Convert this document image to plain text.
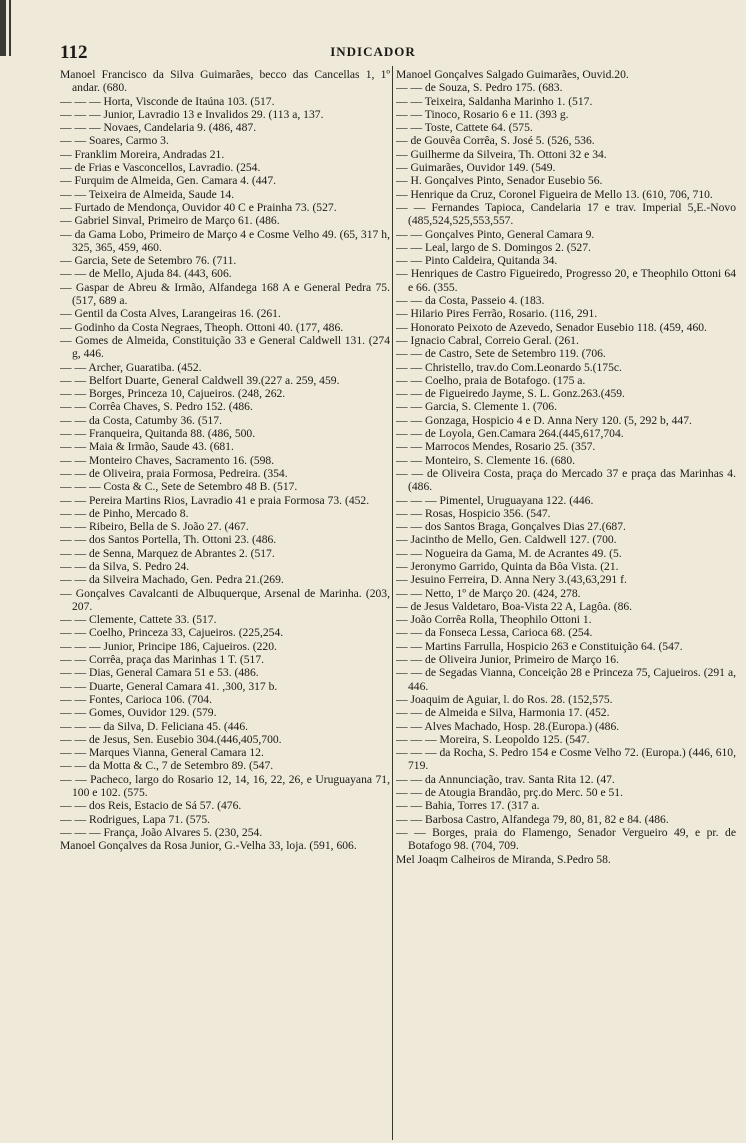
112	INDICADOR
Manoel Francisco da Silva Guimarães, becco das Cancellas 1, 1º andar. (680.
— — — Horta, Visconde de Itaúna 103. (517.
— — — Junior, Lavradio 13 e Invalidos 29. (113 a, 137.
— — — Novaes, Candelaria 9. (486, 487.
— — Soares, Carmo 3.
— Franklim Moreira, Andradas 21.
— de Frias e Vasconcellos, Lavradio. (254.
— Furquim de Almeida, Gen. Camara 4. (447.
— — Teixeira de Almeida, Saude 14.
— Furtado de Mendonça, Ouvidor 40 C e Prainha 73. (527.
— Gabriel Sinval, Primeiro de Março 61. (486.
— da Gama Lobo, Primeiro de Março 4 e Cosme Velho 49. (65, 317 h, 325, 365, 459, 460.
— Garcia, Sete de Setembro 76. (711.
— — de Mello, Ajuda 84. (443, 606.
— Gaspar de Abreu & Irmão, Alfandega 168 A e General Pedra 75. (517, 689 a.
— Gentil da Costa Alves, Larangeiras 16. (261.
— Godinho da Costa Negraes, Theoph. Ottoni 40. (177, 486.
— Gomes de Almeida, Constituição 33 e General Caldwell 131. (274 g, 446.
— — Archer, Guaratiba. (452.
— — Belfort Duarte, General Caldwell 39.(227 a. 259, 459.
— — Borges, Princeza 10, Cajueiros. (248, 262.
— — Corrêa Chaves, S. Pedro 152. (486.
— — da Costa, Catumby 36. (517.
— — Franqueira, Quitanda 88. (486, 500.
— — Maia & Irmão, Saude 43. (681.
— — Monteiro Chaves, Sacramento 16. (598.
— — de Oliveira, praia Formosa, Pedreira. (354.
— — — Costa & C., Sete de Setembro 48 B. (517.
— — Pereira Martins Rios, Lavradio 41 e praia Formosa 73. (452.
— — de Pinho, Mercado 8.
— — Ribeiro, Bella de S. João 27. (467.
— — dos Santos Portella, Th. Ottoni 23. (486.
— — de Senna, Marquez de Abrantes 2. (517.
— — da Silva, S. Pedro 24.
— — da Silveira Machado, Gen. Pedra 21.(269.
— Gonçalves Cavalcanti de Albuquerque, Arsenal de Marinha. (203, 207.
— — Clemente, Cattete 33. (517.
— — Coelho, Princeza 33, Cajueiros. (225,254.
— — — Junior, Principe 186, Cajueiros. (220.
— — Corrêa, praça das Marinhas 1 T. (517.
— — Dias, General Camara 51 e 53. (486.
— — Duarte, General Camara 41. ,300, 317 b.
— — Fontes, Carioca 106. (704.
— — Gomes, Ouvidor 129. (579.
— — — da Silva, D. Feliciana 45. (446.
— — de Jesus, Sen. Eusebio 304.(446,405,700.
— — Marques Vianna, General Camara 12.
— — da Motta & C., 7 de Setembro 89. (547.
— — Pacheco, largo do Rosario 12, 14, 16, 22, 26, e Uruguayana 71, 100 e 102. (575.
— — dos Reis, Estacio de Sá 57. (476.
— — Rodrigues, Lapa 71. (575.
— — — França, João Alvares 5. (230, 254.
Manoel Gonçalves da Rosa Junior, G.-Velha 33, loja. (591, 606.
Manoel Gonçalves Salgado Guimarães, Ouvid.20.
— — de Souza, S. Pedro 175. (683.
— — Teixeira, Saldanha Marinho 1. (517.
— — Tinoco, Rosario 6 e 11. (393 g.
— — Toste, Cattete 64. (575.
— de Gouvêa Corrêa, S. José 5. (526, 536.
— Guilherme da Silveira, Th. Ottoni 32 e 34.
— Guimarães, Ouvidor 149. (549.
— H. Gonçalves Pinto, Senador Eusebio 56.
— Henrique da Cruz, Coronel Figueira de Mello 13. (610, 706, 710.
— — Fernandes Tapioca, Candelaria 17 e trav. Imperial 5,E.-Novo (485,524,525,553,557.
— — Gonçalves Pinto, General Camara 9.
— — Leal, largo de S. Domingos 2. (527.
— — Pinto Caldeira, Quitanda 34.
— Henriques de Castro Figueiredo, Progresso 20, e Theophilo Ottoni 64 e 66. (355.
— — da Costa, Passeio 4. (183.
— Hilario Pires Ferrão, Rosario. (116, 291.
— Honorato Peixoto de Azevedo, Senador Eusebio 118. (459, 460.
— Ignacio Cabral, Correio Geral. (261.
— — de Castro, Sete de Setembro 119. (706.
— — Christello, trav.do Com.Leonardo 5.(175c.
— — Coelho, praia de Botafogo. (175 a.
— — de Figueiredo Jayme, S. L. Gonz.263.(459.
— — Garcia, S. Clemente 1. (706.
— — Gonzaga, Hospicio 4 e D. Anna Nery 120. (5, 292 b, 447.
— — de Loyola, Gen.Camara 264.(445,617,704.
— — Marrocos Mendes, Rosario 25. (357.
— — Monteiro, S. Clemente 16. (680.
— — de Oliveira Costa, praça do Mercado 37 e praça das Marinhas 4. (486.
— — — Pimentel, Uruguayana 122. (446.
— — Rosas, Hospicio 356. (547.
— — dos Santos Braga, Gonçalves Dias 27.(687.
— Jacintho de Mello, Gen. Caldwell 127. (700.
— — Nogueira da Gama, M. de Acrantes 49. (5.
— Jeronymo Garrido, Quinta da Bôa Vista. (21.
— Jesuino Ferreira, D. Anna Nery 3.(43,63,291 f.
— — Netto, 1º de Março 20. (424, 278.
— de Jesus Valdetaro, Boa-Vista 22 A, Lagôa. (86.
— João Corrêa Rolla, Theophilo Ottoni 1.
— — da Fonseca Lessa, Carioca 68. (254.
— — Martins Farrulla, Hospicio 263 e Constituição 64. (547.
— — de Oliveira Junior, Primeiro de Março 16.
— — de Segadas Vianna, Conceição 28 e Princeza 75, Cajueiros. (291 a, 446.
— Joaquim de Aguiar, l. do Ros. 28. (152,575.
— — de Almeida e Silva, Harmonia 17. (452.
— — Alves Machado, Hosp. 28.(Europa.) (486.
— — — Moreira, S. Leopoldo 125. (547.
— — — da Rocha, S. Pedro 154 e Cosme Velho 72. (Europa.) (446, 610, 719.
— — da Annunciação, trav. Santa Rita 12. (47.
— — de Atougia Brandão, prç.do Merc. 50 e 51.
— — Bahia, Torres 17. (317 a.
— — Barbosa Castro, Alfandega 79, 80, 81, 82 e 84. (486.
— — Borges, praia do Flamengo, Senador Vergueiro 49, e pr. de Botafogo 98. (704, 709.
Mel Joaqm Calheiros de Miranda, S.Pedro 58.
